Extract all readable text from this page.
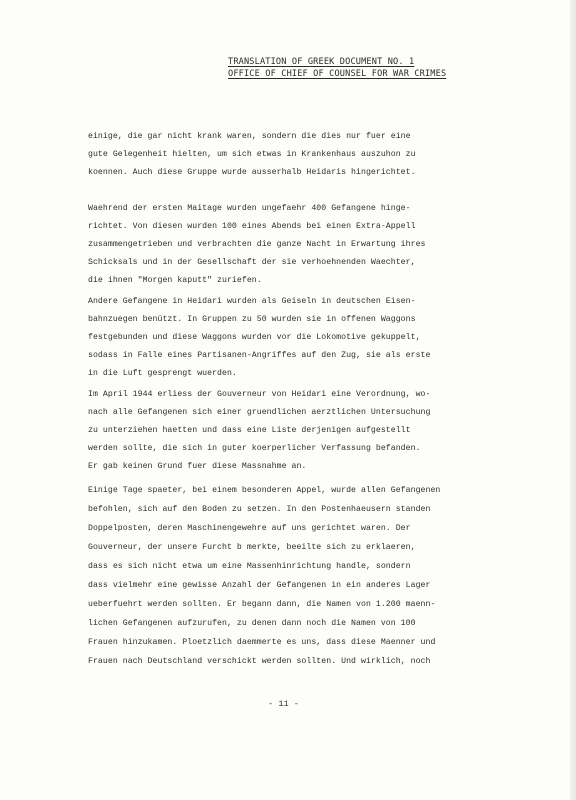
TRANSLATION OF GREEK DOCUMENT NO. 1
OFFICE OF CHIEF OF COUNSEL FOR WAR CRIMES
einige, die gar nicht krank waren, sondern die dies nur fuer eine
gute Gelegenheit hielten, um sich etwas in Krankenhaus auszuhon zu
koennen. Auch diese Gruppe wurde ausserhalb Heidaris hingerichtet.
Waehrend der ersten Maitage wurden ungefaehr 400 Gefangene hinge-
richtet. Von diesen wurden 100 eines Abends bei einen Extra-Appell
zusammengetrieben und verbrachten die ganze Nacht in Erwartung ihres
Schicksals und in der Gesellschaft der sie verhoehnenden Waechter,
die ihnen "Morgen kaputt" zuriefen.
Andere Gefangene in Heidari wurden als Geiseln in deutschen Eisen-
bahnzuegen benützt. In Gruppen zu 50 wurden sie in offenen Waggons
festgebunden und diese Waggons wurden vor die Lokomotive gekuppelt,
sodass in Falle eines Partisanen-Angriffes auf den Zug, sie als erste
in die Luft gesprengt wuerden.
Im April 1944 erliess der Gouverneur von Heidari eine Verordnung, wo-
nach alle Gefangenen sich einer gruendlichen aerztlichen Untersuchung
zu unterziehen haetten und dass eine Liste derjenigen aufgestellt
werden sollte, die sich in guter koerperlicher Verfassung befanden.
Er gab keinen Grund fuer diese Massnahme an.
Einige Tage spaeter, bei einem besonderen Appel, wurde allen Gefangenen
befohlen, sich auf den Boden zu setzen. In den Postenhaeusern standen
Doppelposten, deren Maschinengewehre auf uns gerichtet waren. Der
Gouverneur, der unsere Furcht b merkte, beeilte sich zu erklaeren,
dass es sich nicht etwa um eine Massenhinrichtung handle, sondern
dass vielmehr eine gewisse Anzahl der Gefangenen in ein anderes Lager
ueberfuehrt werden sollten. Er begann dann, die Namen von 1.200 maenn-
lichen Gefangenen aufzurufen, zu denen dann noch die Namen von 100
Frauen hinzukamen. Ploetzlich daemmerte es uns, dass diese Maenner und
Frauen nach Deutschland verschickt werden sollten. Und wirklich, noch
- 11 -
